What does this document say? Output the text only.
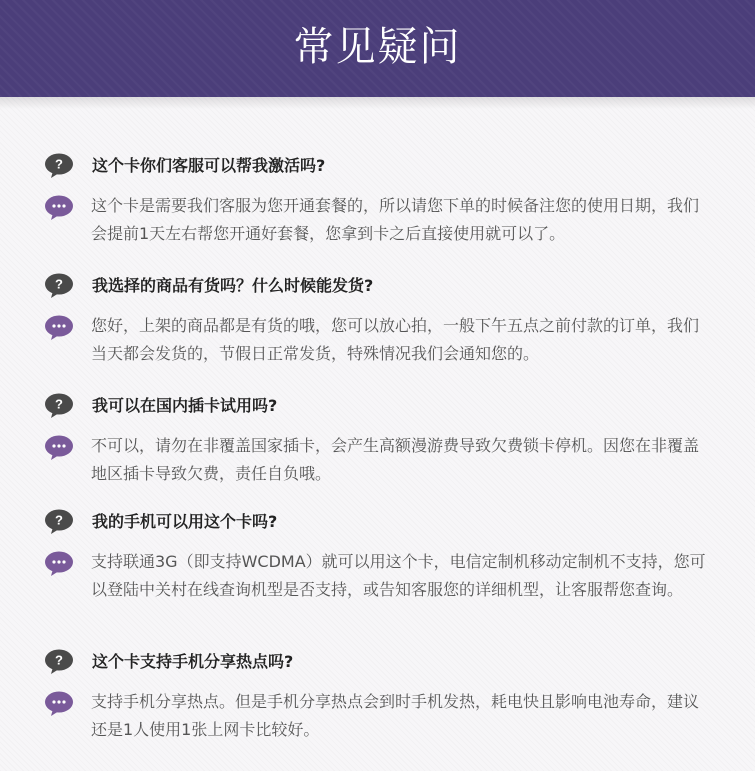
常见疑问
? 这个卡你们客服可以帮我激活吗?
这个卡是需要我们客服为您开通套餐的，所以请您下单的时候备注您的使用日期，我们会提前1天左右帮您开通好套餐，您拿到卡之后直接使用就可以了。
? 我选择的商品有货吗？什么时候能发货?
您好，上架的商品都是有货的哦，您可以放心拍，一般下午五点之前付款的订单，我们当天都会发货的，节假日正常发货，特殊情况我们会通知您的。
? 我可以在国内插卡试用吗?
不可以，请勿在非覆盖国家插卡，会产生高额漫游费导致欠费锁卡停机。因您在非覆盖地区插卡导致欠费，责任自负哦。
? 我的手机可以用这个卡吗?
支持联通3G（即支持WCDMA）就可以用这个卡，电信定制机移动定制机不支持，您可以登陆中关村在线查询机型是否支持，或告知客服您的详细机型，让客服帮您查询。
? 这个卡支持手机分享热点吗?
支持手机分享热点。但是手机分享热点会到时手机发热，耗电快且影响电池寿命，建议还是1人使用1张上网卡比较好。
